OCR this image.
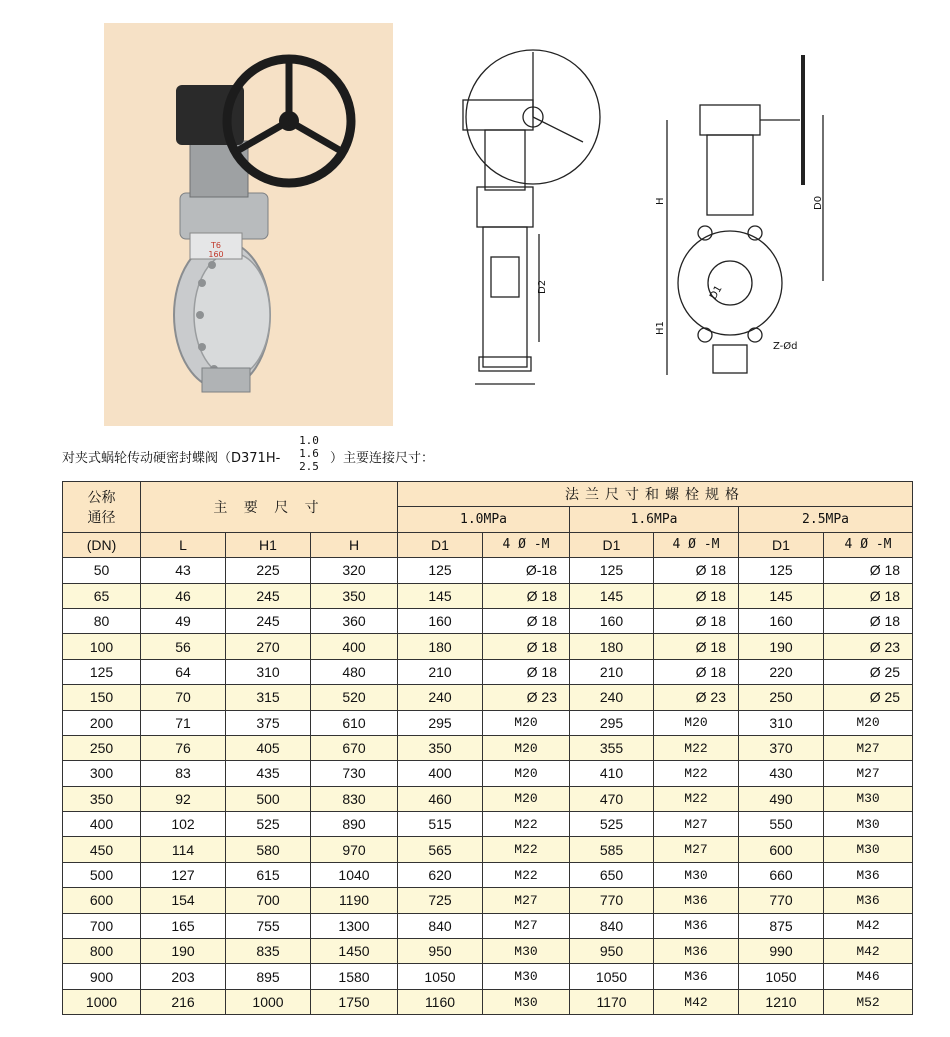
T6
160
D2
H	D0
H1
D1
Z-Ød
对夹式蜗轮传动硬密封蝶阀（D371H-
1.0
1.6
2.5
）主要连接尺寸：
公称
通径	主 要 尺 寸			法兰尺寸和螺栓规格					
				1.0MPa		1.6MPa		2.5MPa	
(DN)	L	H1	H	D1	4 Ø -M	D1	4 Ø -M	D1	4 Ø -M
50	43	225	320	125	Ø-18	125	Ø 18	125	Ø 18
65	46	245	350	145	Ø 18	145	Ø 18	145	Ø 18
80	49	245	360	160	Ø 18	160	Ø 18	160	Ø 18
100	56	270	400	180	Ø 18	180	Ø 18	190	Ø 23
125	64	310	480	210	Ø 18	210	Ø 18	220	Ø 25
150	70	315	520	240	Ø 23	240	Ø 23	250	Ø 25
200	71	375	610	295	M20	295	M20	310	M20
250	76	405	670	350	M20	355	M22	370	M27
300	83	435	730	400	M20	410	M22	430	M27
350	92	500	830	460	M20	470	M22	490	M30
400	102	525	890	515	M22	525	M27	550	M30
450	114	580	970	565	M22	585	M27	600	M30
500	127	615	1040	620	M22	650	M30	660	M36
600	154	700	1190	725	M27	770	M36	770	M36
700	165	755	1300	840	M27	840	M36	875	M42
800	190	835	1450	950	M30	950	M36	990	M42
900	203	895	1580	1050	M30	1050	M36	1050	M46
1000	216	1000	1750	1160	M30	1170	M42	1210	M52
